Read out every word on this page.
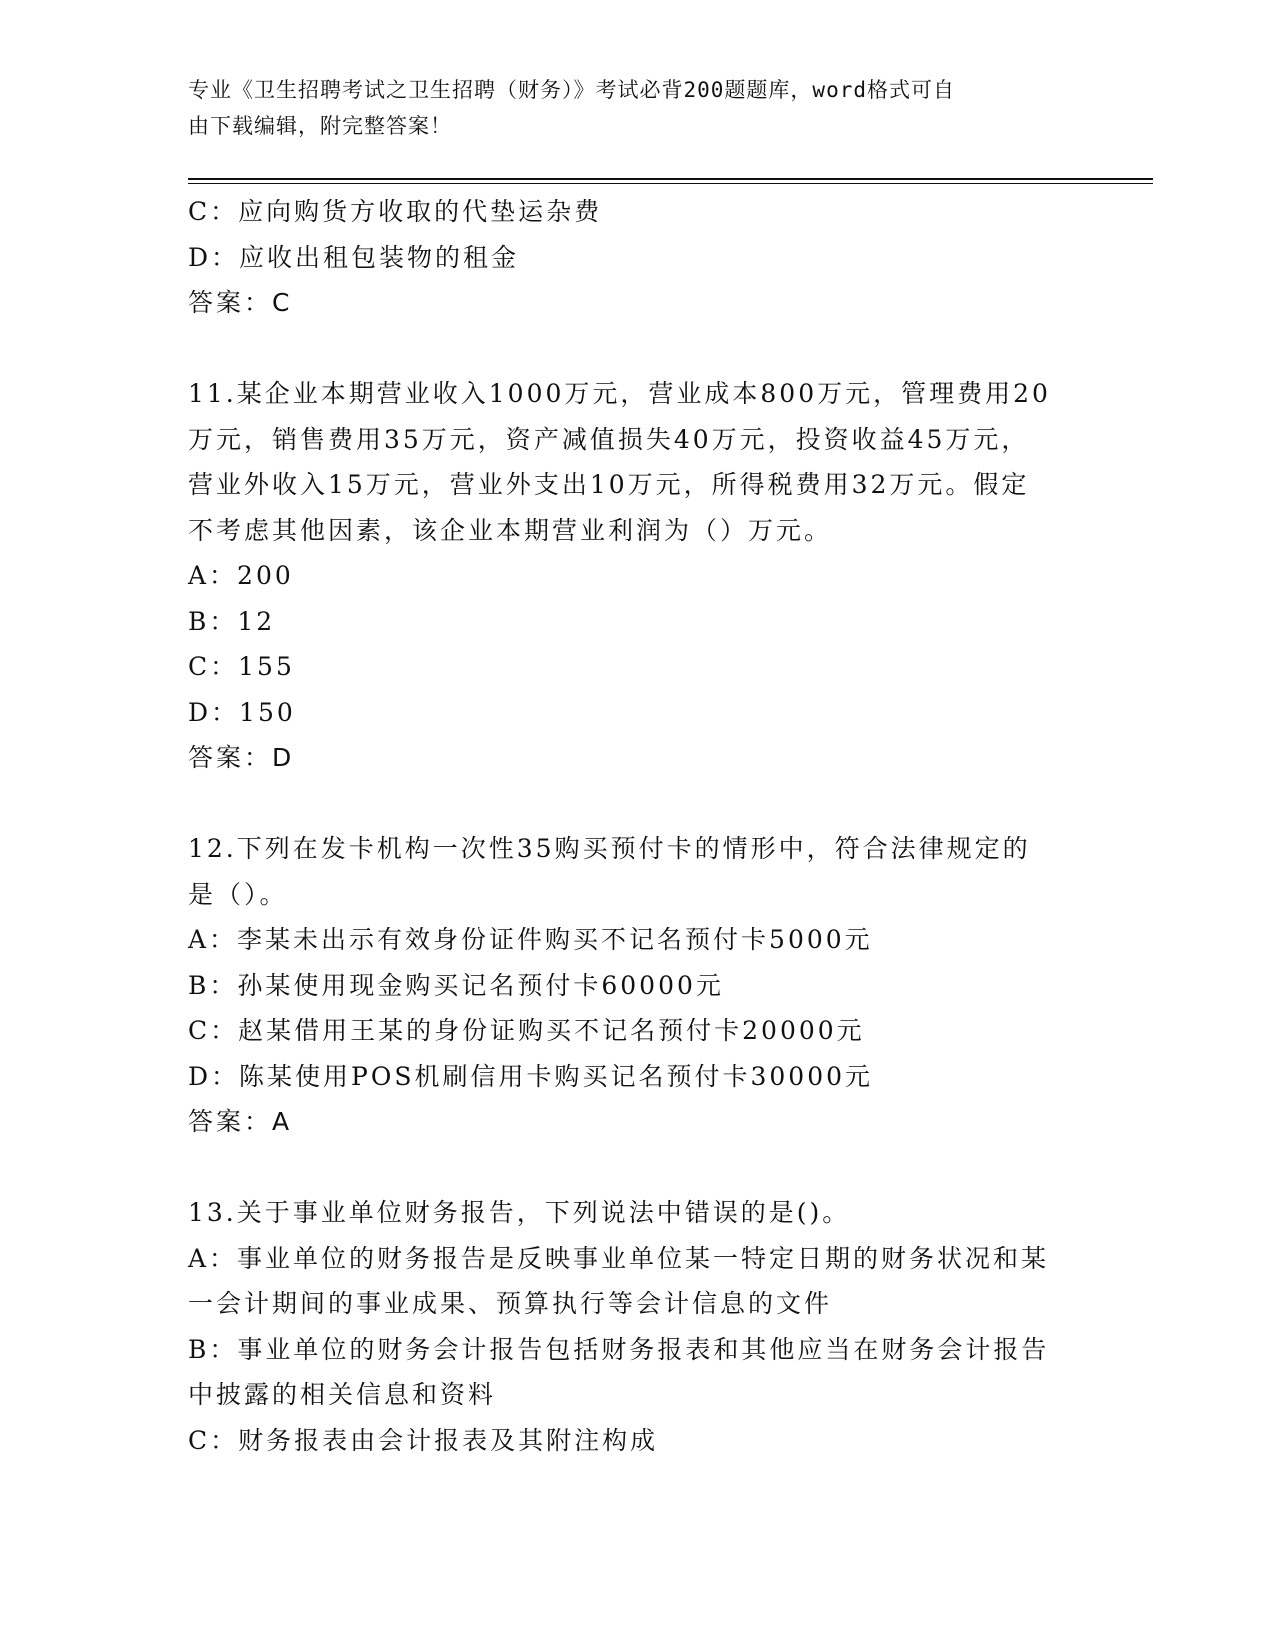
专业《卫生招聘考试之卫生招聘（财务）》考试必背200题题库，word格式可自
由下载编辑，附完整答案！
C：应向购货方收取的代垫运杂费
D：应收出租包装物的租金
答案：C
11.某企业本期营业收入1000万元，营业成本800万元，管理费用20
万元，销售费用35万元，资产减值损失40万元，投资收益45万元，
营业外收入15万元，营业外支出10万元，所得税费用32万元。假定
不考虑其他因素，该企业本期营业利润为（）万元。
A：200
B：12
C：155
D：150
答案：D
12.下列在发卡机构一次性35购买预付卡的情形中，符合法律规定的
是（）。
A：李某未出示有效身份证件购买不记名预付卡5000元
B：孙某使用现金购买记名预付卡60000元
C：赵某借用王某的身份证购买不记名预付卡20000元
D：陈某使用POS机刷信用卡购买记名预付卡30000元
答案：A
13.关于事业单位财务报告，下列说法中错误的是()。
A：事业单位的财务报告是反映事业单位某一特定日期的财务状况和某
一会计期间的事业成果、预算执行等会计信息的文件
B：事业单位的财务会计报告包括财务报表和其他应当在财务会计报告
中披露的相关信息和资料
C：财务报表由会计报表及其附注构成
